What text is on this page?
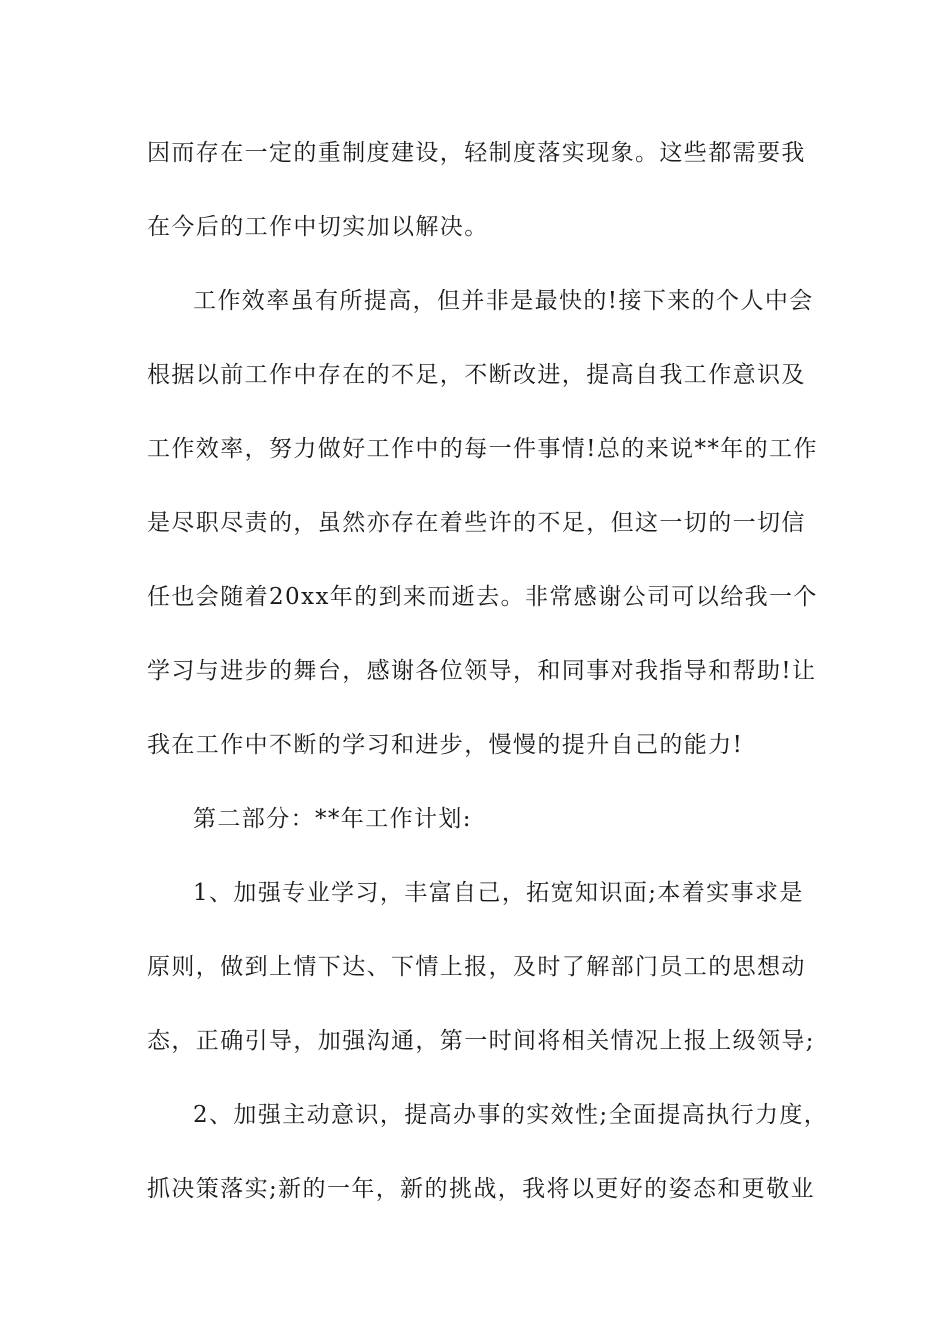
因而存在一定的重制度建设，轻制度落实现象。这些都需要我
在今后的工作中切实加以解决。
工作效率虽有所提高，但并非是最快的!接下来的个人中会
根据以前工作中存在的不足，不断改进，提高自我工作意识及
工作效率，努力做好工作中的每一件事情!总的来说**年的工作
是尽职尽责的，虽然亦存在着些许的不足，但这一切的一切信
任也会随着20xx年的到来而逝去。非常感谢公司可以给我一个
学习与进步的舞台，感谢各位领导，和同事对我指导和帮助!让
我在工作中不断的学习和进步，慢慢的提升自己的能力!
第二部分：**年工作计划:
1、加强专业学习，丰富自己，拓宽知识面;本着实事求是
原则，做到上情下达、下情上报，及时了解部门员工的思想动
态，正确引导，加强沟通，第一时间将相关情况上报上级领导;
2、加强主动意识，提高办事的实效性;全面提高执行力度，
抓决策落实;新的一年，新的挑战，我将以更好的姿态和更敬业
